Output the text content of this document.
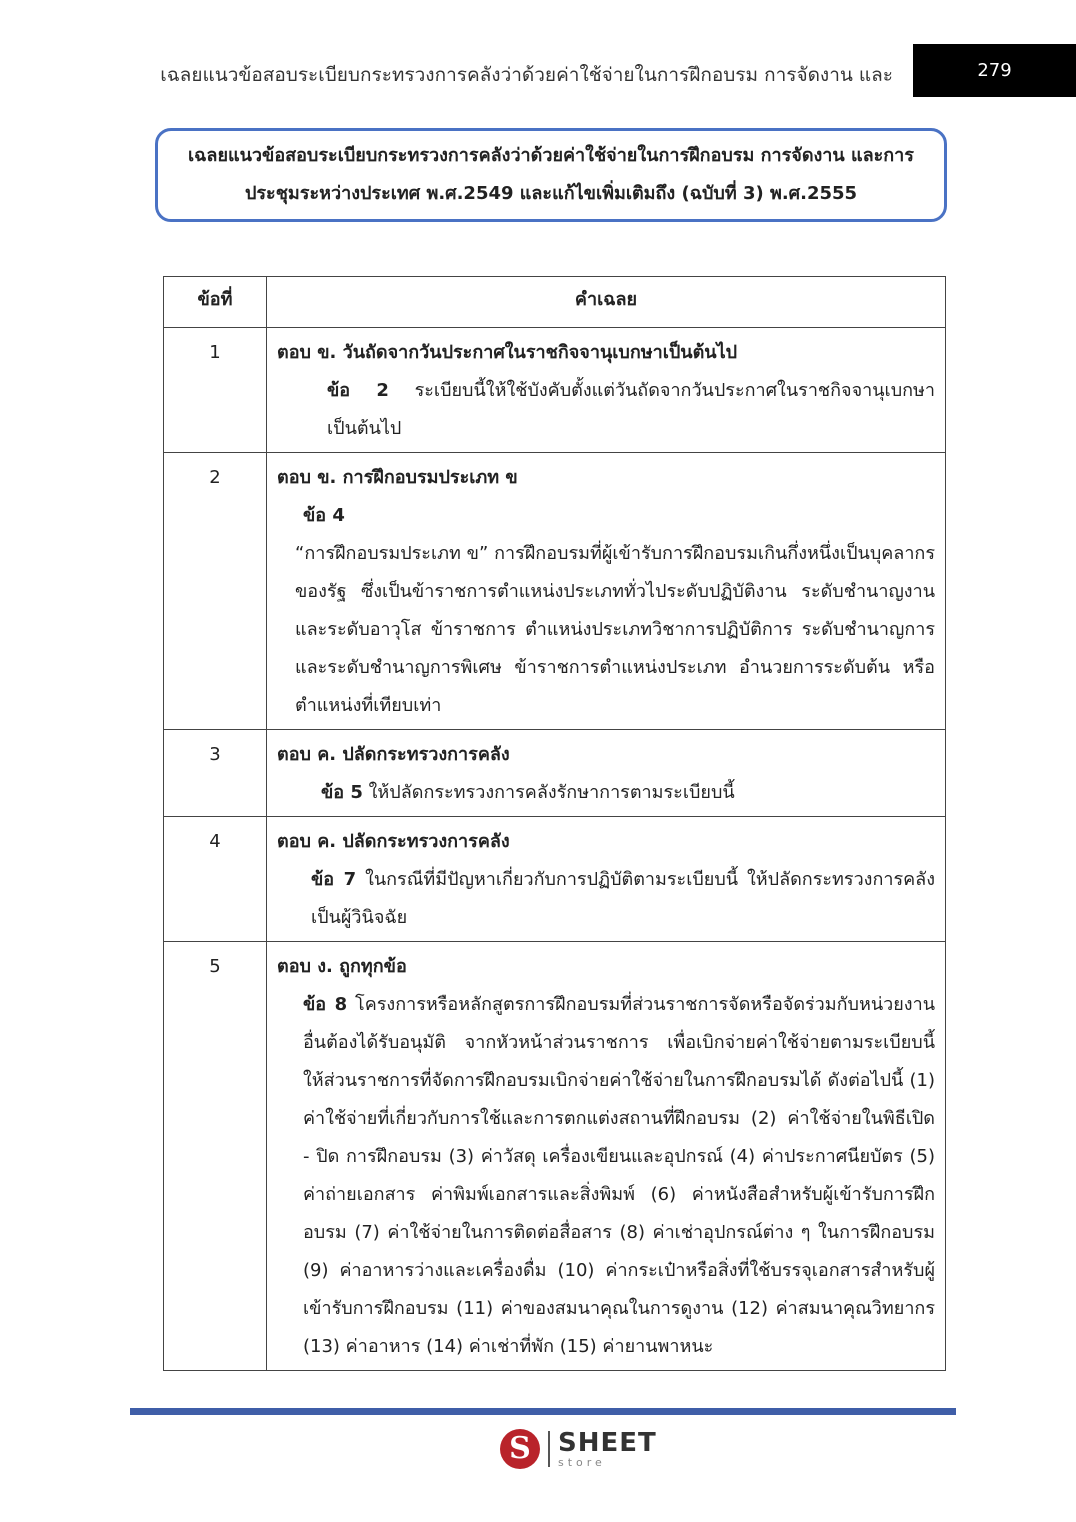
เฉลยแนวข้อสอบระเบียบกระทรวงการคลังว่าด้วยค่าใช้จ่ายในการฝึกอบรม การจัดงาน และ	279
เฉลยแนวข้อสอบระเบียบกระทรวงการคลังว่าด้วยค่าใช้จ่ายในการฝึกอบรม การจัดงาน และการ
ประชุมระหว่างประเทศ พ.ศ.2549 และแก้ไขเพิ่มเติมถึง (ฉบับที่ 3) พ.ศ.2555
ข้อที่	คำเฉลย
1	ตอบ ข. วันถัดจากวันประกาศในราชกิจจานุเบกษาเป็นต้นไป
ข้อ 2 ระเบียบนี้ให้ใช้บังคับตั้งแต่วันถัดจากวันประกาศในราชกิจจานุเบกษา เป็นต้นไป

2	ตอบ ข. การฝึกอบรมประเภท ข
ข้อ 4
“การฝึกอบรมประเภท ข” การฝึกอบรมที่ผู้เข้ารับการฝึกอบรมเกินกึ่งหนึ่งเป็นบุคลากรของรัฐ ซึ่งเป็นข้าราชการตำแหน่งประเภททั่วไประดับปฏิบัติงาน ระดับชำนาญงานและระดับอาวุโส ข้าราชการ ตำแหน่งประเภทวิชาการปฏิบัติการ ระดับชำนาญการและระดับชำนาญการพิเศษ ข้าราชการตำแหน่งประเภท อำนวยการระดับต้น หรือตำแหน่งที่เทียบเท่า

3	ตอบ ค. ปลัดกระทรวงการคลัง
ข้อ 5 ให้ปลัดกระทรวงการคลังรักษาการตามระเบียบนี้

4	ตอบ ค. ปลัดกระทรวงการคลัง
ข้อ 7 ในกรณีที่มีปัญหาเกี่ยวกับการปฏิบัติตามระเบียบนี้ ให้ปลัดกระทรวงการคลังเป็นผู้วินิจฉัย

5	ตอบ ง. ถูกทุกข้อ
ข้อ 8 โครงการหรือหลักสูตรการฝึกอบรมที่ส่วนราชการจัดหรือจัดร่วมกับหน่วยงานอื่นต้องได้รับอนุมัติ จากหัวหน้าส่วนราชการ เพื่อเบิกจ่ายค่าใช้จ่ายตามระเบียบนี้ ให้ส่วนราชการที่จัดการฝึกอบรมเบิกจ่ายค่าใช้จ่ายในการฝึกอบรมได้ ดังต่อไปนี้ (1) ค่าใช้จ่ายที่เกี่ยวกับการใช้และการตกแต่งสถานที่ฝึกอบรม (2) ค่าใช้จ่ายในพิธีเปิด - ปิด การฝึกอบรม (3) ค่าวัสดุ เครื่องเขียนและอุปกรณ์ (4) ค่าประกาศนียบัตร (5) ค่าถ่ายเอกสาร ค่าพิมพ์เอกสารและสิ่งพิมพ์ (6) ค่าหนังสือสำหรับผู้เข้ารับการฝึกอบรม (7) ค่าใช้จ่ายในการติดต่อสื่อสาร (8) ค่าเช่าอุปกรณ์ต่าง ๆ ในการฝึกอบรม (9) ค่าอาหารว่างและเครื่องดื่ม (10) ค่ากระเป๋าหรือสิ่งที่ใช้บรรจุเอกสารสำหรับผู้เข้ารับการฝึกอบรม (11) ค่าของสมนาคุณในการดูงาน (12) ค่าสมนาคุณวิทยากร (13) ค่าอาหาร (14) ค่าเช่าที่พัก (15) ค่ายานพาหนะ
S	SHEET
store
